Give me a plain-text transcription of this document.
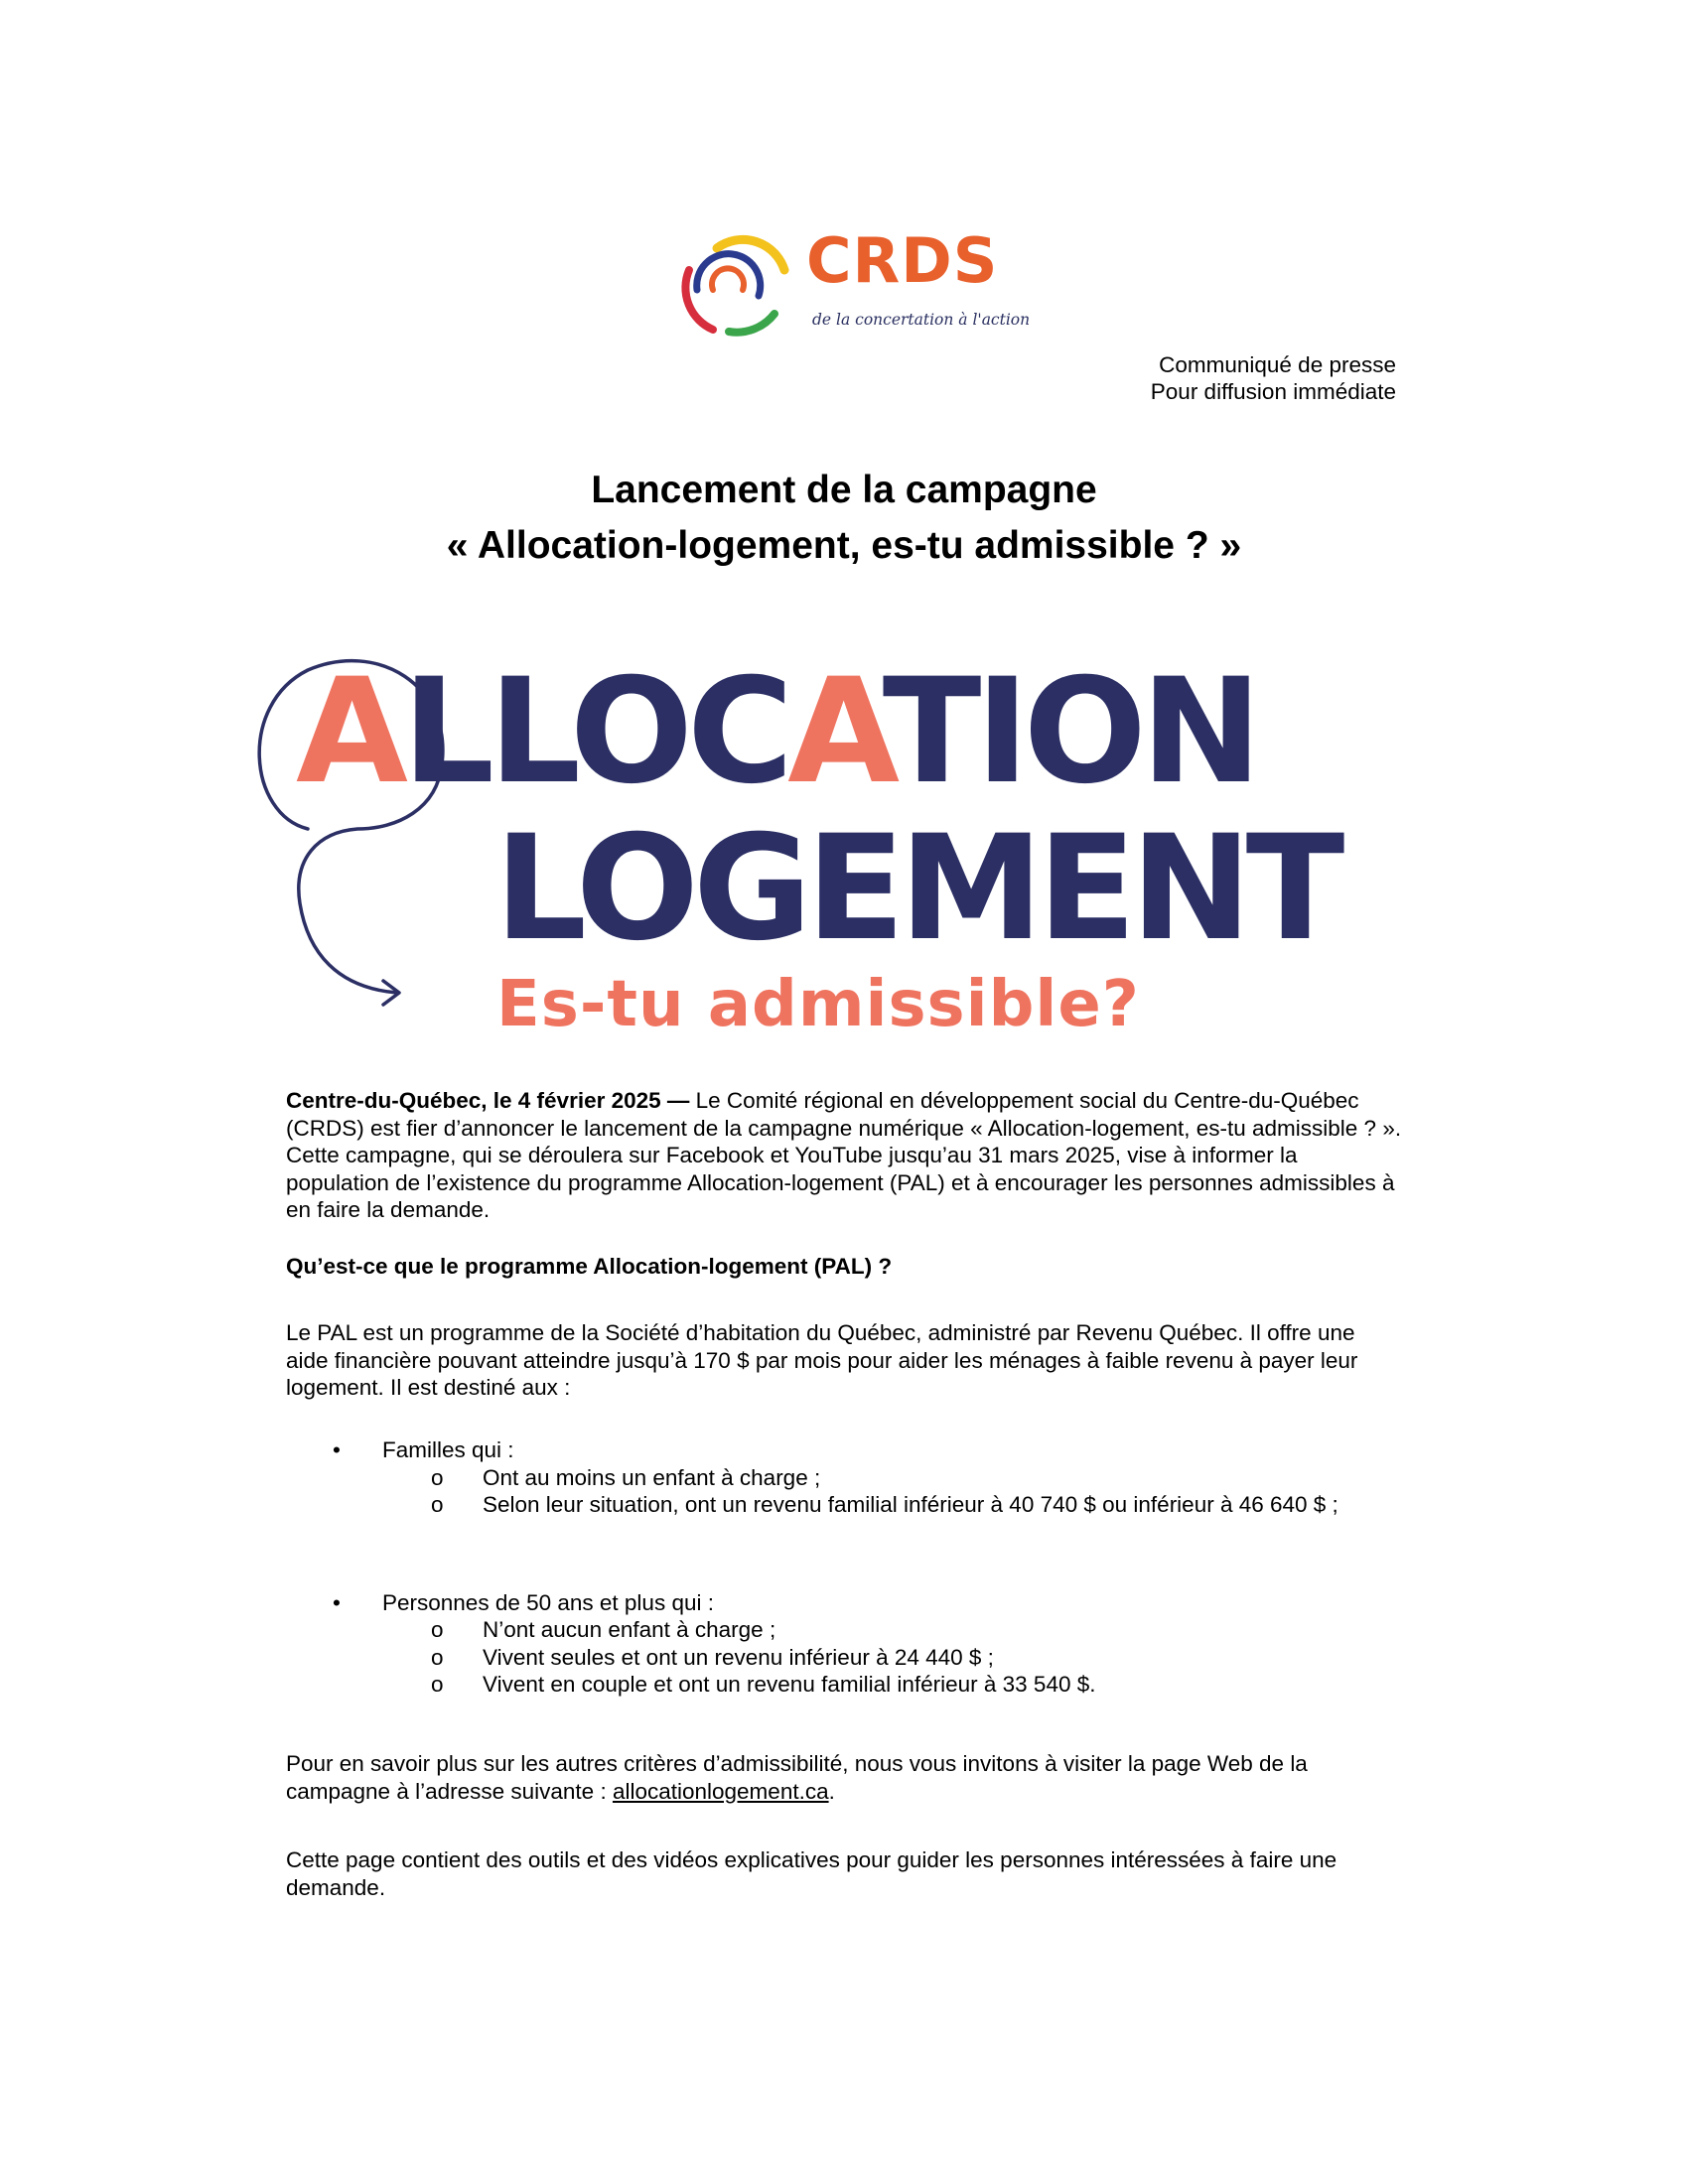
CRDS
de la concertation à l'action
Communiqué de presse
Pour diffusion immédiate
Lancement de la campagne
« Allocation-logement, es-tu admissible ? »
ALLOCATION
LOGEMENT
Es-tu admissible?
Centre-du-Québec, le 4 février 2025 — Le Comité régional en développement social du Centre-du-Québec (CRDS) est fier d’annoncer le lancement de la campagne numérique « Allocation-logement, es-tu admissible ? ». Cette campagne, qui se déroulera sur Facebook et YouTube jusqu’au 31 mars 2025, vise à informer la population de l’existence du programme Allocation-logement (PAL) et à encourager les personnes admissibles à en faire la demande.
Qu’est-ce que le programme Allocation-logement (PAL) ?
Le PAL est un programme de la Société d’habitation du Québec, administré par Revenu Québec. Il offre une aide financière pouvant atteindre jusqu’à 170 $ par mois pour aider les ménages à faible revenu à payer leur logement. Il est destiné aux :
• Familles qui :
o Ont au moins un enfant à charge ;
o Selon leur situation, ont un revenu familial inférieur à 40 740 $ ou inférieur à 46 640 $ ;
• Personnes de 50 ans et plus qui :
o N’ont aucun enfant à charge ;
o Vivent seules et ont un revenu inférieur à 24 440 $ ;
o Vivent en couple et ont un revenu familial inférieur à 33 540 $.
Pour en savoir plus sur les autres critères d’admissibilité, nous vous invitons à visiter la page Web de la campagne à l’adresse suivante : allocationlogement.ca.
Cette page contient des outils et des vidéos explicatives pour guider les personnes intéressées à faire une demande.
